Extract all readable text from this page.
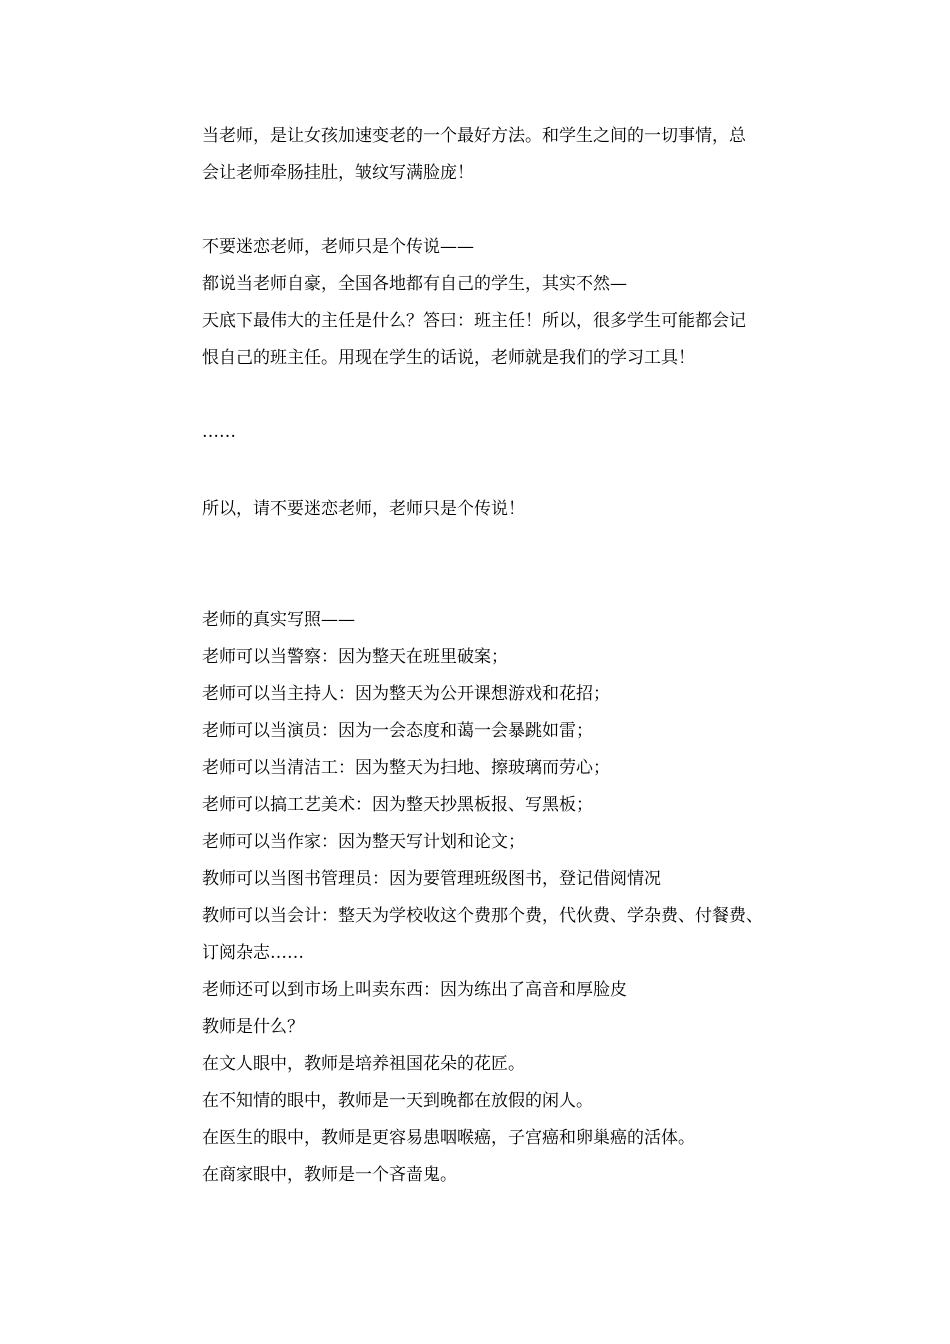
当老师，是让女孩加速变老的一个最好方法。和学生之间的一切事情，总
会让老师牵肠挂肚，皱纹写满脸庞！
不要迷恋老师，老师只是个传说——
都说当老师自豪，全国各地都有自己的学生，其实不然—
天底下最伟大的主任是什么？答曰：班主任！所以，很多学生可能都会记
恨自己的班主任。用现在学生的话说，老师就是我们的学习工具！
……
所以，请不要迷恋老师，老师只是个传说！
老师的真实写照——
老师可以当警察：因为整天在班里破案；
老师可以当主持人：因为整天为公开课想游戏和花招；
老师可以当演员：因为一会态度和蔼一会暴跳如雷；
老师可以当清洁工：因为整天为扫地、擦玻璃而劳心；
老师可以搞工艺美术：因为整天抄黑板报、写黑板；
老师可以当作家：因为整天写计划和论文；
教师可以当图书管理员：因为要管理班级图书，登记借阅情况
教师可以当会计：整天为学校收这个费那个费，代伙费、学杂费、付餐费、
订阅杂志……
老师还可以到市场上叫卖东西：因为练出了高音和厚脸皮
教师是什么？
在文人眼中，教师是培养祖国花朵的花匠。
在不知情的眼中，教师是一天到晚都在放假的闲人。
在医生的眼中，教师是更容易患咽喉癌，子宫癌和卵巢癌的活体。
在商家眼中，教师是一个吝啬鬼。
